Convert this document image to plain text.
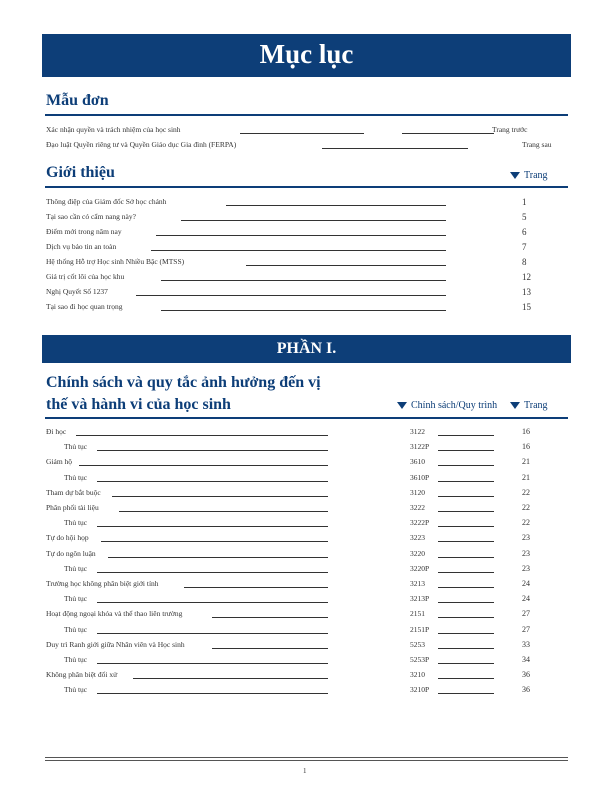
Mục lục
Mẫu đơn
Xác nhận quyền và trách nhiệm của học sinh	Trang trước
Đạo luật Quyền riêng tư và Quyền Giáo dục Gia đình (FERPA)	Trang sau
Giới thiệu	Trang
Thông điệp của Giám đốc Sở học chánh	1
Tại sao cần có cẩm nang này?	5
Điểm mới trong năm nay	6
Dịch vụ bảo tin an toàn	7
Hệ thống Hỗ trợ Học sinh Nhiều Bậc (MTSS)	8
Giá trị cốt lõi của học khu	12
Nghị Quyết Số 1237	13
Tại sao đi học quan trọng	15
PHẦN I.
Chính sách và quy tắc ảnh hưởng đến vị
thế và hành vi của học sinh	Chính sách/Quy trình	Trang
Đi học	3122	16
Thủ tục	3122P	16
Giám hộ	3610	21
Thủ tục	3610P	21
Tham dự bắt buộc	3120	22
Phân phối tài liệu	3222	22
Thủ tục	3222P	22
Tự do hội họp	3223	23
Tự do ngôn luận	3220	23
Thủ tục	3220P	23
Trường học không phân biệt giới tính	3213	24
Thủ tục	3213P	24
Hoạt động ngoại khóa và thể thao liên trường	2151	27
Thủ tục	2151P	27
Duy trì Ranh giới giữa Nhân viên và Học sinh	5253	33
Thủ tục	5253P	34
Không phân biệt đối xử	3210	36
Thủ tục	3210P	36
1
